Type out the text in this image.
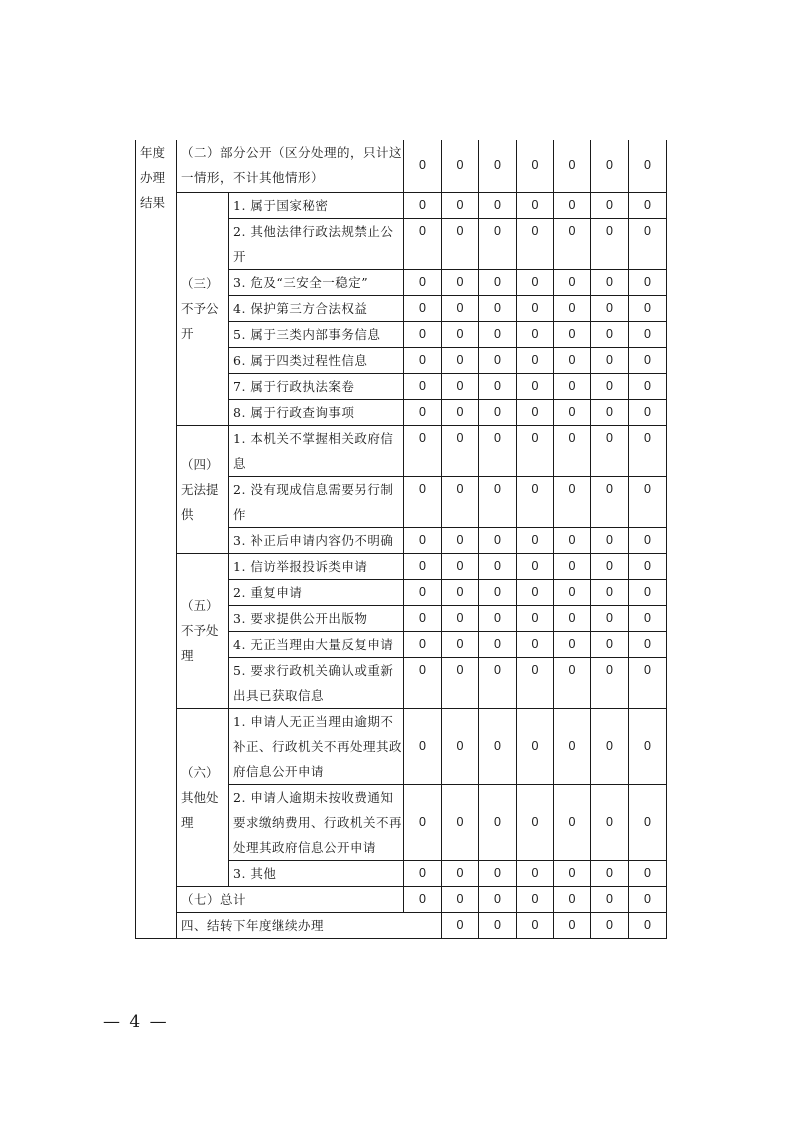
年度办理结果	（二）部分公开（区分处理的，只计这一情形，不计其他情形）		0	0	0	0	0	0	0	

	（三）不予公开	1. 属于国家秘密	0	0	0	0	0	0	0	
		2. 其他法律行政法规禁止公开	0	0	0	0	0	0	0	

		3. 危及“三安全一稳定”	0	0	0	0	0	0	0	
		4. 保护第三方合法权益	0	0	0	0	0	0	0	
		5. 属于三类内部事务信息	0	0	0	0	0	0	0	
		6. 属于四类过程性信息	0	0	0	0	0	0	0	
		7. 属于行政执法案卷	0	0	0	0	0	0	0	
		8. 属于行政查询事项	0	0	0	0	0	0	0	

	（四）无法提供	1. 本机关不掌握相关政府信息	0	0	0	0	0	0	0	

		2. 没有现成信息需要另行制作	0	0	0	0	0	0	0	

		3. 补正后申请内容仍不明确	0	0	0	0	0	0	0	

	（五）不予处理	1. 信访举报投诉类申请	0	0	0	0	0	0	0	
		2. 重复申请	0	0	0	0	0	0	0	
		3. 要求提供公开出版物	0	0	0	0	0	0	0	
		4. 无正当理由大量反复申请	0	0	0	0	0	0	0	
		5. 要求行政机关确认或重新出具已获取信息	0	0	0	0	0	0	0	

	（六）其他处理	1. 申请人无正当理由逾期不补正、行政机关不再处理其政府信息公开申请	0	0	0	0	0	0	0	
		2. 申请人逾期未按收费通知要求缴纳费用、行政机关不再处理其政府信息公开申请	0	0	0	0	0	0	0	
		3. 其他	0	0	0	0	0	0	0	
	（七）总计		0	0	0	0	0	0	0	
	四、结转下年度继续办理			0	0	0	0	0	0	
— 4 —
